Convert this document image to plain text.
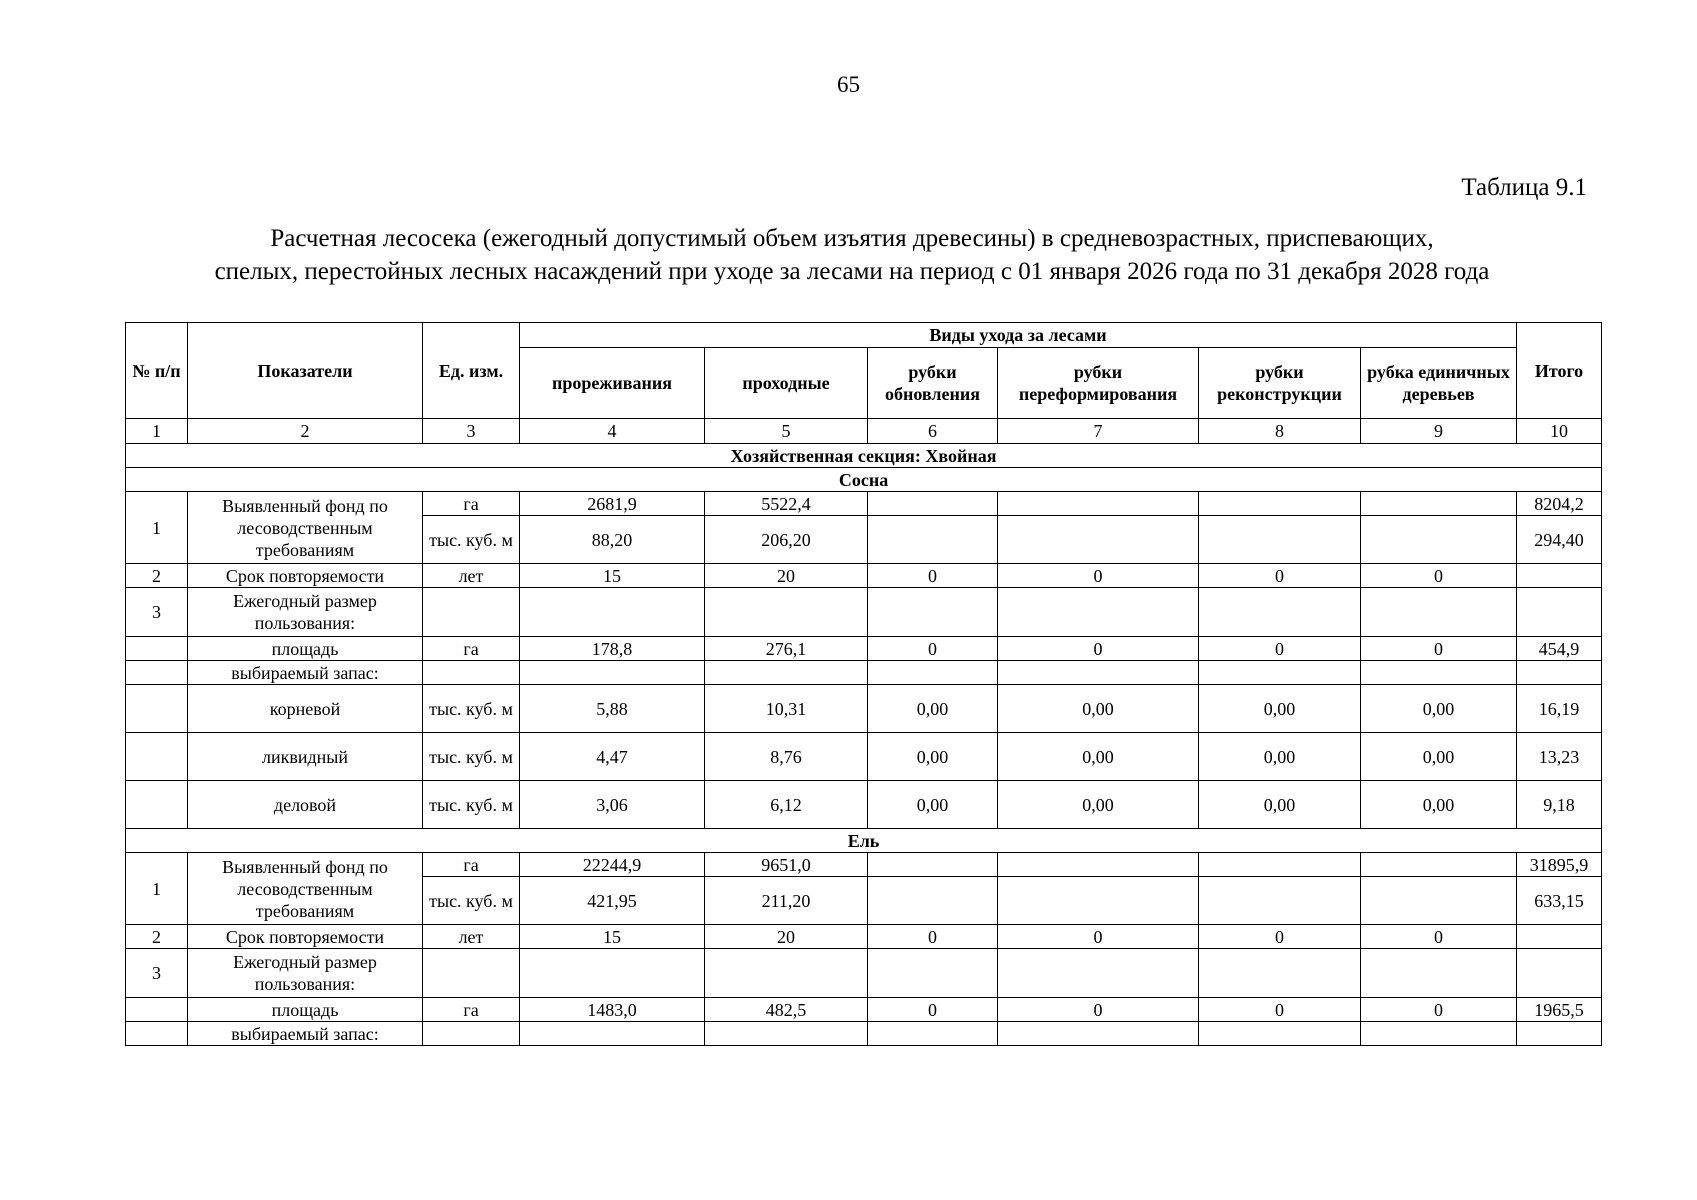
65
Таблица 9.1
Расчетная лесосека (ежегодный допустимый объем изъятия древесины) в средневозрастных, приспевающих,
спелых, перестойных лесных насаждений при уходе за лесами на период с 01 января 2026 года по 31 декабря 2028 года
№ п/п	Показатели	Ед. изм.	Виды ухода за лесами						Итого
			прореживания	проходные	рубки обновления	рубки переформирования	рубки реконструкции	рубка единичных деревьев	
1	2	3	4	5	6	7	8	9	10
Хозяйственная секция: Хвойная									
Сосна									
1	Выявленный фонд по лесоводственным требованиям	га	2681,9	5522,4					8204,2
		тыс. куб. м	88,20	206,20					294,40
2	Срок повторяемости	лет	15	20	0	0	0	0	
3	Ежегодный размер пользования:								
	площадь	га	178,8	276,1	0	0	0	0	454,9
	выбираемый запас:								
	корневой	тыс. куб. м	5,88	10,31	0,00	0,00	0,00	0,00	16,19
	ликвидный	тыс. куб. м	4,47	8,76	0,00	0,00	0,00	0,00	13,23
	деловой	тыс. куб. м	3,06	6,12	0,00	0,00	0,00	0,00	9,18
Ель									
1	Выявленный фонд по лесоводственным требованиям	га	22244,9	9651,0					31895,9
		тыс. куб. м	421,95	211,20					633,15
2	Срок повторяемости	лет	15	20	0	0	0	0	
3	Ежегодный размер пользования:								
	площадь	га	1483,0	482,5	0	0	0	0	1965,5
	выбираемый запас:								
